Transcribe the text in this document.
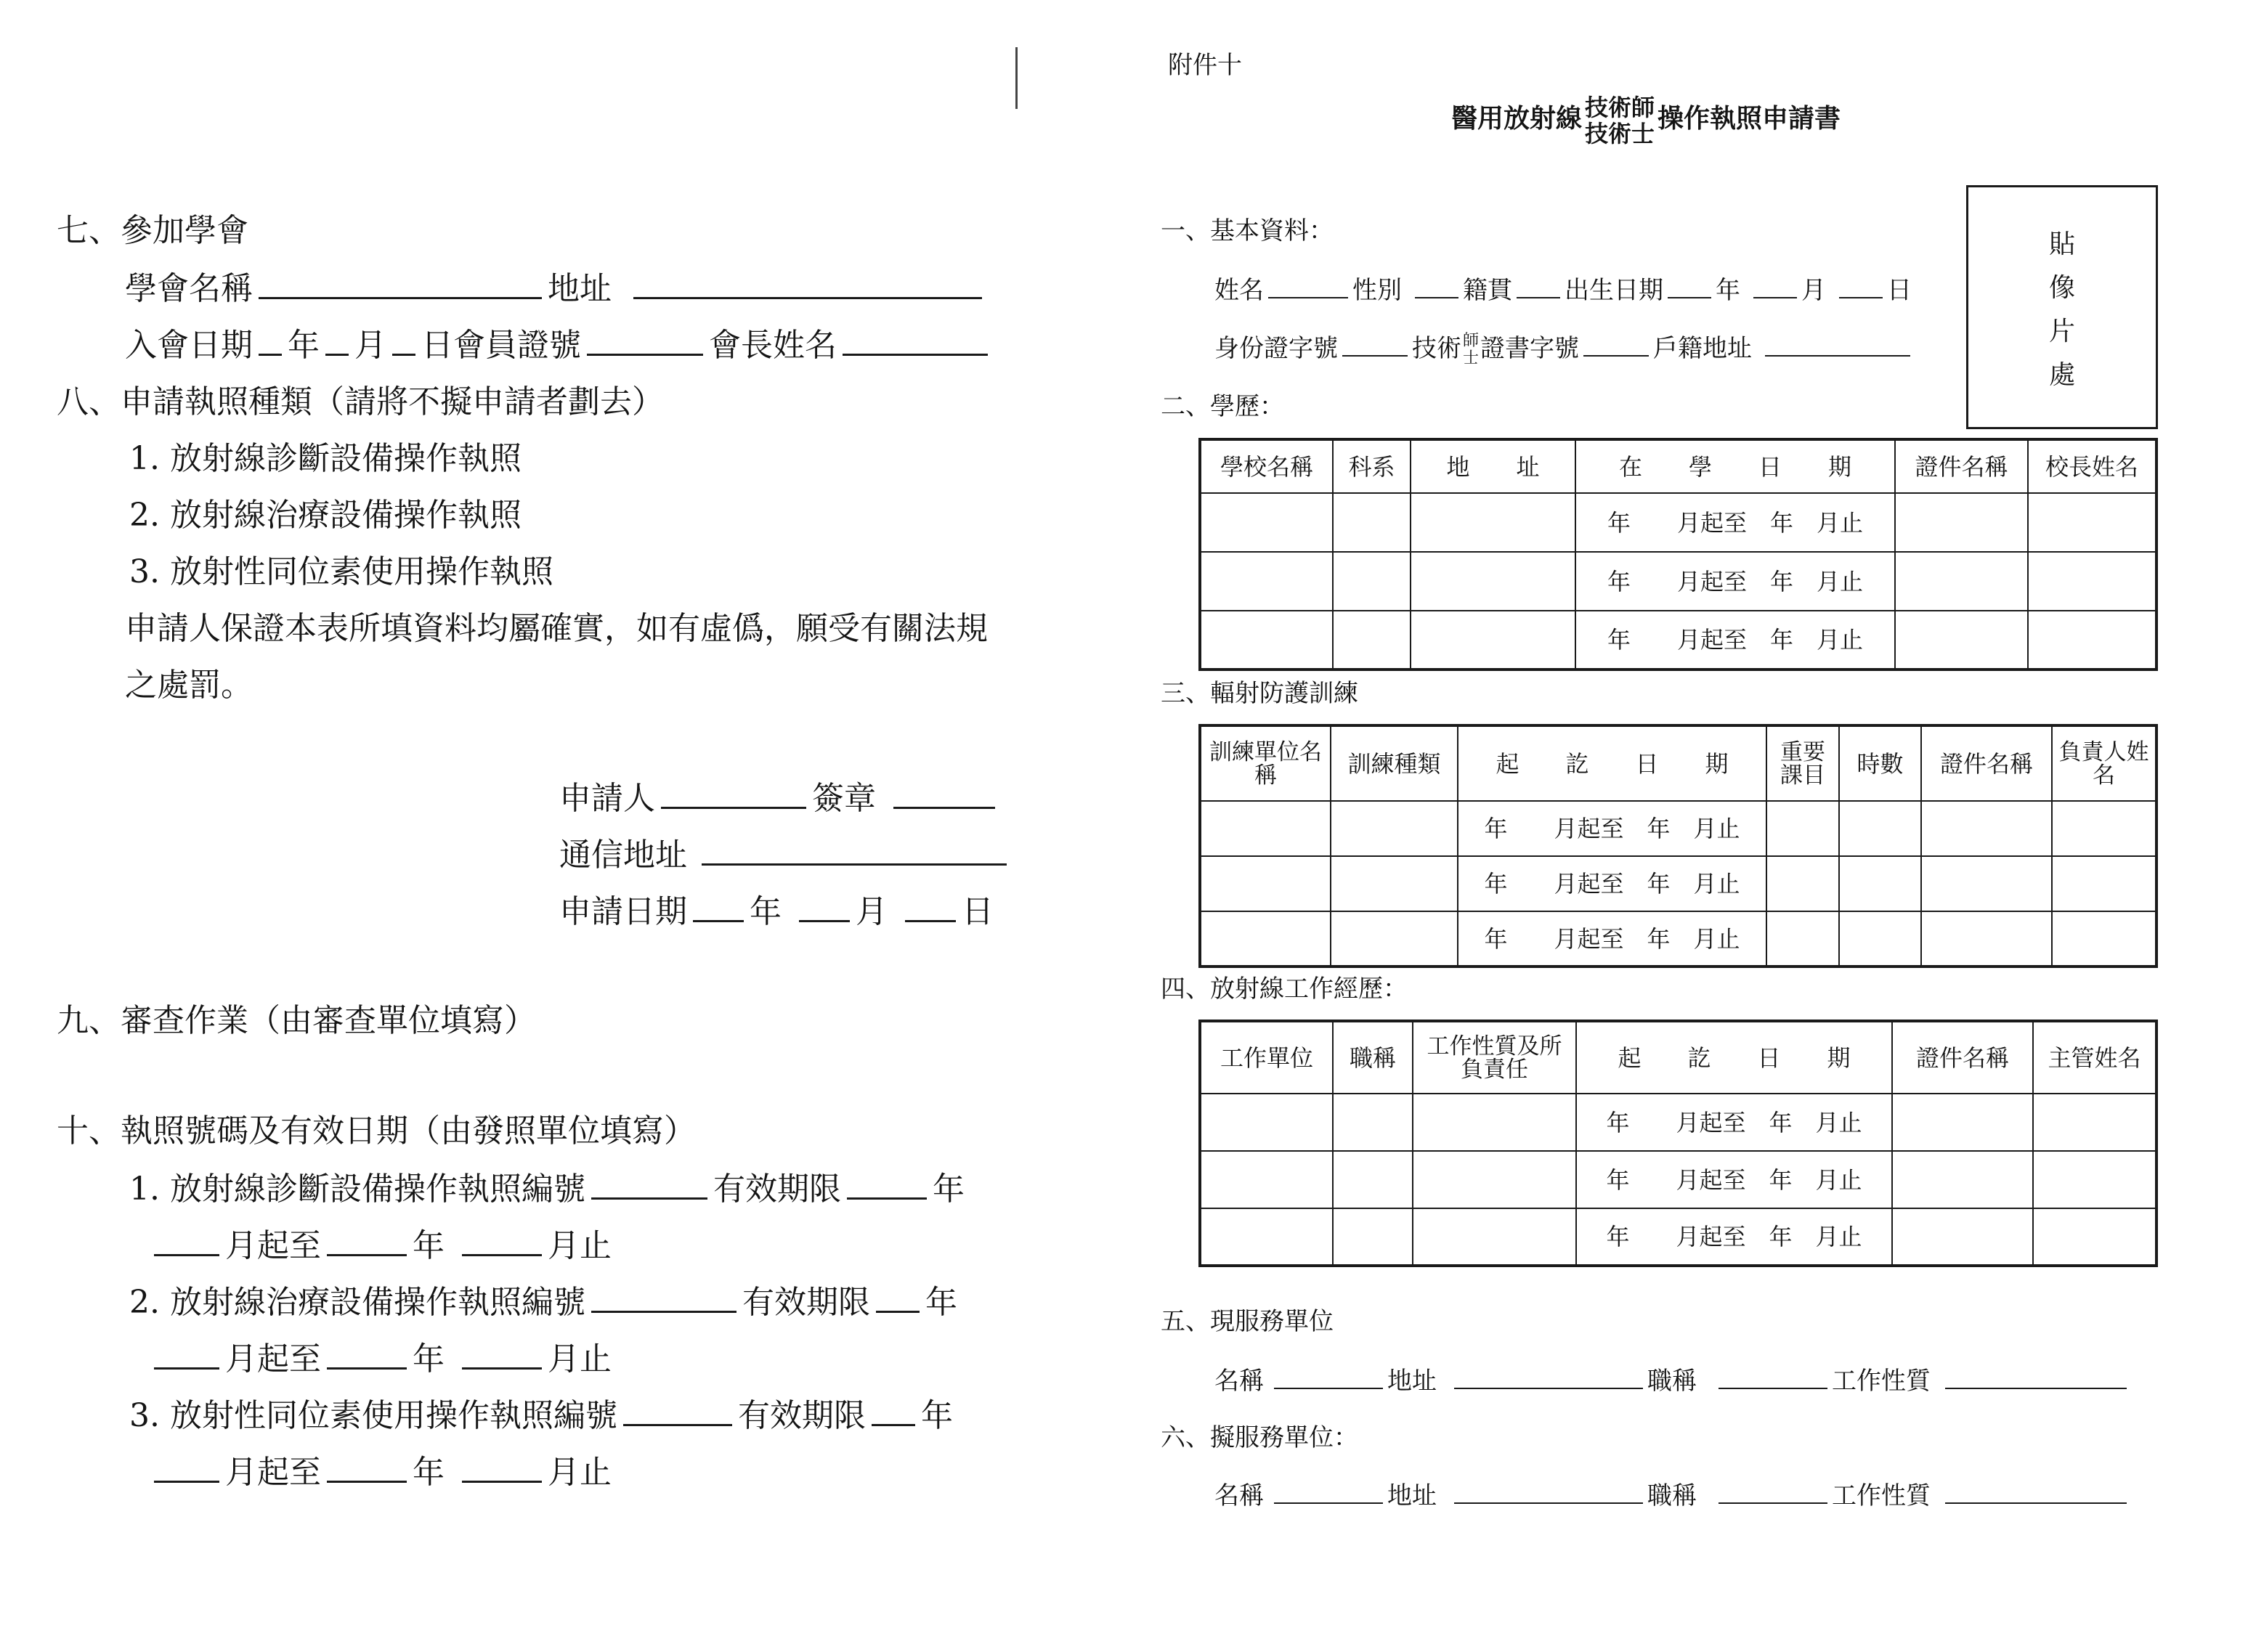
七、參加學會
學會名稱	地址
入會日期 年 月 日會員證號	會長姓名
八、申請執照種類（請將不擬申請者劃去）
1. 放射線診斷設備操作執照
2. 放射線治療設備操作執照
3. 放射性同位素使用操作執照
申請人保證本表所填資料均屬確實，如有虛僞，願受有關法規
之處罰。
申請人	簽章
通信地址
申請日期 年 月 日
九、審查作業（由審查單位填寫）
十、執照號碼及有效日期（由發照單位填寫）
1. 放射線診斷設備操作執照編號	有效期限	年
月起至	年	月止
2. 放射線治療設備操作執照編號	有效期限 年
月起至	年	月止
3. 放射性同位素使用操作執照編號	有效期限 年
月起至	年	月止
附件十
醫用放射線 技術師
技術士 操作執照申請書
貼
像
片
處
一、基本資料：
姓名	性別 籍貫 出生日期 年 月 日
身份證字號	技術師
士證書字號	戶籍地址
二、學歷：
學校名稱	科系	地　　址	在　　學　　日　　期	證件名稱	校長姓名
			年　　 月起至　 年　 月止		
			年　　 月起至　 年　 月止		
			年　　 月起至　 年　 月止		
三、輻射防護訓練
訓練單位名　　稱	訓練種類	起　　訖　　日　　期	重要課目	時數	證件名稱	負責人姓　名
		年　　 月起至　 年　 月止				
		年　　 月起至　 年　 月止				
		年　　 月起至　 年　 月止				
四、放射線工作經歷：
工作單位	職稱	工作性質及所負責任	起　　訖　　日　　期	證件名稱	主管姓名
			年　　 月起至　 年　 月止		
			年　　 月起至　 年　 月止		
			年　　 月起至　 年　 月止		
五、現服務單位
名稱	地址	職稱	工作性質
六、擬服務單位：
名稱	地址	職稱	工作性質
